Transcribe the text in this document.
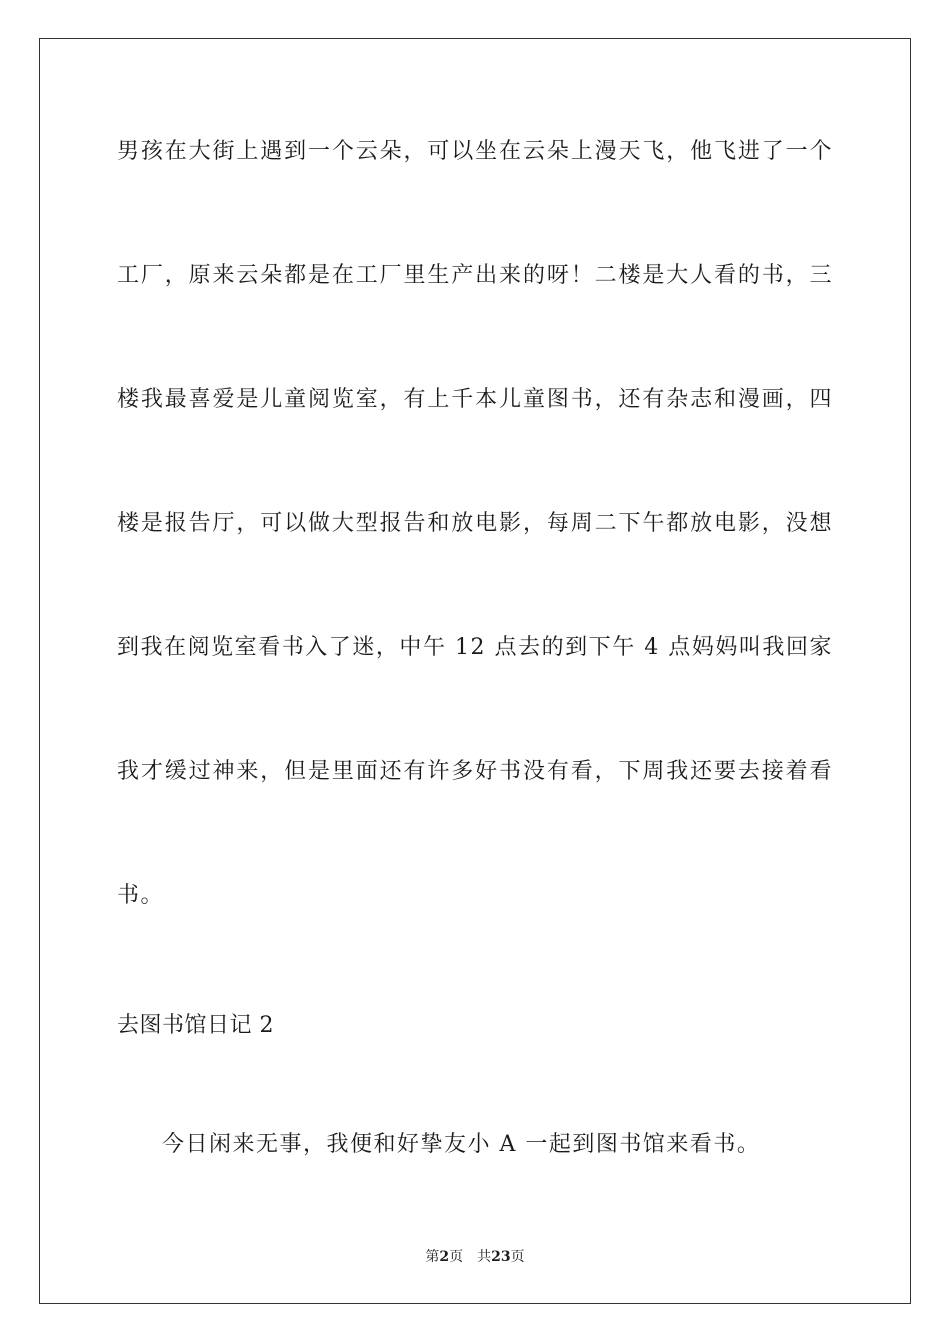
男孩在大街上遇到一个云朵，可以坐在云朵上漫天飞，他飞进了一个
工厂，原来云朵都是在工厂里生产出来的呀！二楼是大人看的书，三
楼我最喜爱是儿童阅览室，有上千本儿童图书，还有杂志和漫画，四
楼是报告厅，可以做大型报告和放电影，每周二下午都放电影，没想
到我在阅览室看书入了迷，中午 12 点去的到下午 4 点妈妈叫我回家
我才缓过神来，但是里面还有许多好书没有看，下周我还要去接着看
书。
去图书馆日记 2
今日闲来无事，我便和好挚友小 A 一起到图书馆来看书。
第2页 共23页
